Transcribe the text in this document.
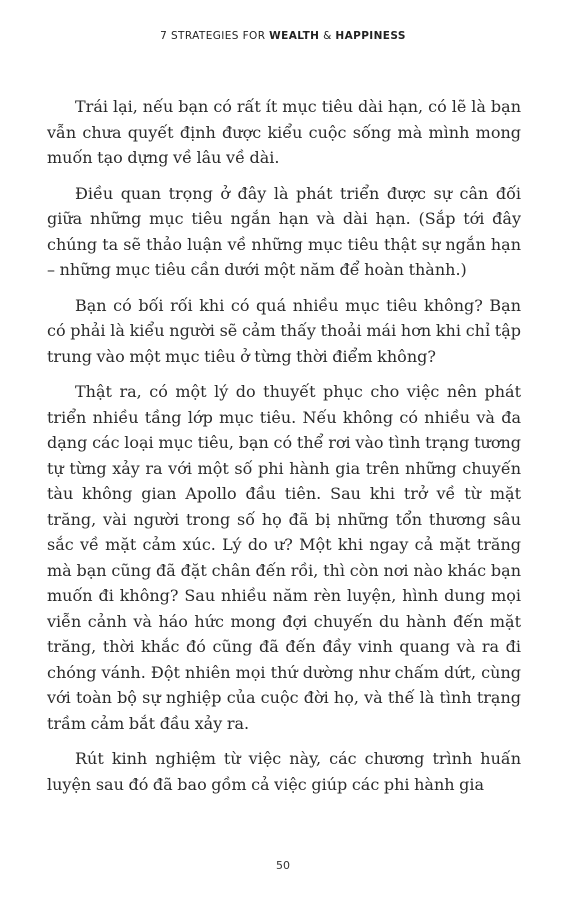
7 STRATEGIES FOR WEALTH & HAPPINESS

Trái lại, nếu bạn có rất ít mục tiêu dài hạn, có lẽ là bạn vẫn chưa quyết định được kiểu cuộc sống mà mình mong muốn tạo dựng về lâu về dài.

Điều quan trọng ở đây là phát triển được sự cân đối giữa những mục tiêu ngắn hạn và dài hạn. (Sắp tới đây chúng ta sẽ thảo luận về những mục tiêu thật sự ngắn hạn – những mục tiêu cần dưới một năm để hoàn thành.)

Bạn có bối rối khi có quá nhiều mục tiêu không? Bạn có phải là kiểu người sẽ cảm thấy thoải mái hơn khi chỉ tập trung vào một mục tiêu ở từng thời điểm không?

Thật ra, có một lý do thuyết phục cho việc nên phát triển nhiều tầng lớp mục tiêu. Nếu không có nhiều và đa dạng các loại mục tiêu, bạn có thể rơi vào tình trạng tương tự từng xảy ra với một số phi hành gia trên những chuyến tàu không gian Apollo đầu tiên. Sau khi trở về từ mặt trăng, vài người trong số họ đã bị những tổn thương sâu sắc về mặt cảm xúc. Lý do ư? Một khi ngay cả mặt trăng mà bạn cũng đã đặt chân đến rồi, thì còn nơi nào khác bạn muốn đi không? Sau nhiều năm rèn luyện, hình dung mọi viễn cảnh và háo hức mong đợi chuyến du hành đến mặt trăng, thời khắc đó cũng đã đến đầy vinh quang và ra đi chóng vánh. Đột nhiên mọi thứ dường như chấm dứt, cùng với toàn bộ sự nghiệp của cuộc đời họ, và thế là tình trạng trầm cảm bắt đầu xảy ra.

Rút kinh nghiệm từ việc này, các chương trình huấn luyện sau đó đã bao gồm cả việc giúp các phi hành gia

50
